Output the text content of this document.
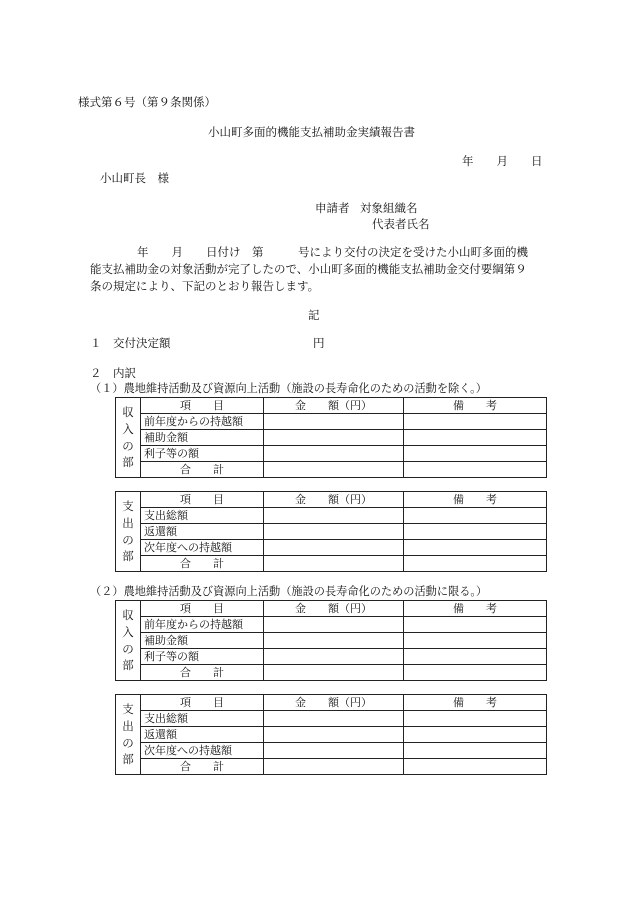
様式第６号（第９条関係）
小山町多面的機能支払補助金実績報告書
年　　月　　日
小山町長　様
申請者 対象組織名
代表者氏名
年　　月　　日付け　第　　　号により交付の決定を受けた小山町多面的機
能支払補助金の対象活動が完了したので、小山町多面的機能支払補助金交付要綱第９
条の規定により、下記のとおり報告します。
記
１　交付決定額	円
２　内訳
（１）農地維持活動及び資源向上活動（施設の長寿命化のための活動を除く。）
収
入
の
部	項　　目	金　　額（円）	備　　考
	前年度からの持越額		
	補助金額		
	利子等の額		
	合　　計		
支
出
の
部	項　　目	金　　額（円）	備　　考
	支出総額		
	返還額		
	次年度への持越額		
	合　　計		
（２）農地維持活動及び資源向上活動（施設の長寿命化のための活動に限る。）
収
入
の
部	項　　目	金　　額（円）	備　　考
	前年度からの持越額		
	補助金額		
	利子等の額		
	合　　計		
支
出
の
部	項　　目	金　　額（円）	備　　考
	支出総額		
	返還額		
	次年度への持越額		
	合　　計		
